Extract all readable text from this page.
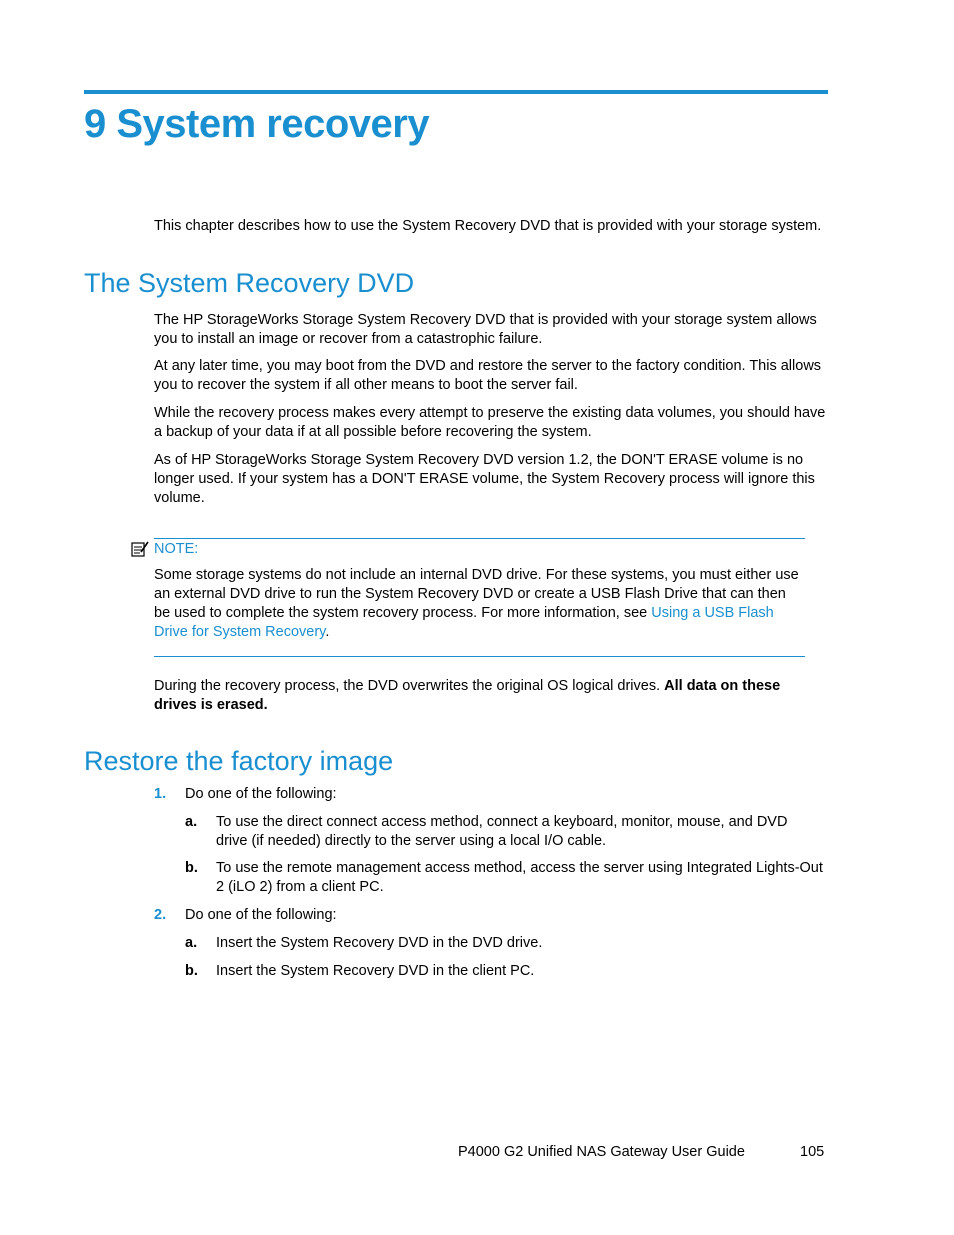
9 System recovery

This chapter describes how to use the System Recovery DVD that is provided with your storage system.

The System Recovery DVD

The HP StorageWorks Storage System Recovery DVD that is provided with your storage system allows you to install an image or recover from a catastrophic failure.

At any later time, you may boot from the DVD and restore the server to the factory condition. This allows you to recover the system if all other means to boot the server fail.

While the recovery process makes every attempt to preserve the existing data volumes, you should have a backup of your data if at all possible before recovering the system.

As of HP StorageWorks Storage System Recovery DVD version 1.2, the DON'T ERASE volume is no longer used. If your system has a DON'T ERASE volume, the System Recovery process will ignore this volume.

NOTE:

Some storage systems do not include an internal DVD drive. For these systems, you must either use an external DVD drive to run the System Recovery DVD or create a USB Flash Drive that can then be used to complete the system recovery process. For more information, see Using a USB Flash Drive for System Recovery.

During the recovery process, the DVD overwrites the original OS logical drives. All data on these drives is erased.

Restore the factory image
1. Do one of the following:

a. To use the direct connect access method, connect a keyboard, monitor, mouse, and DVD drive (if needed) directly to the server using a local I/O cable.

b. To use the remote management access method, access the server using Integrated Lights-Out 2 (iLO 2) from a client PC.

2. Do one of the following:

a. Insert the System Recovery DVD in the DVD drive.

b. Insert the System Recovery DVD in the client PC.

P4000 G2 Unified NAS Gateway User Guide	105
